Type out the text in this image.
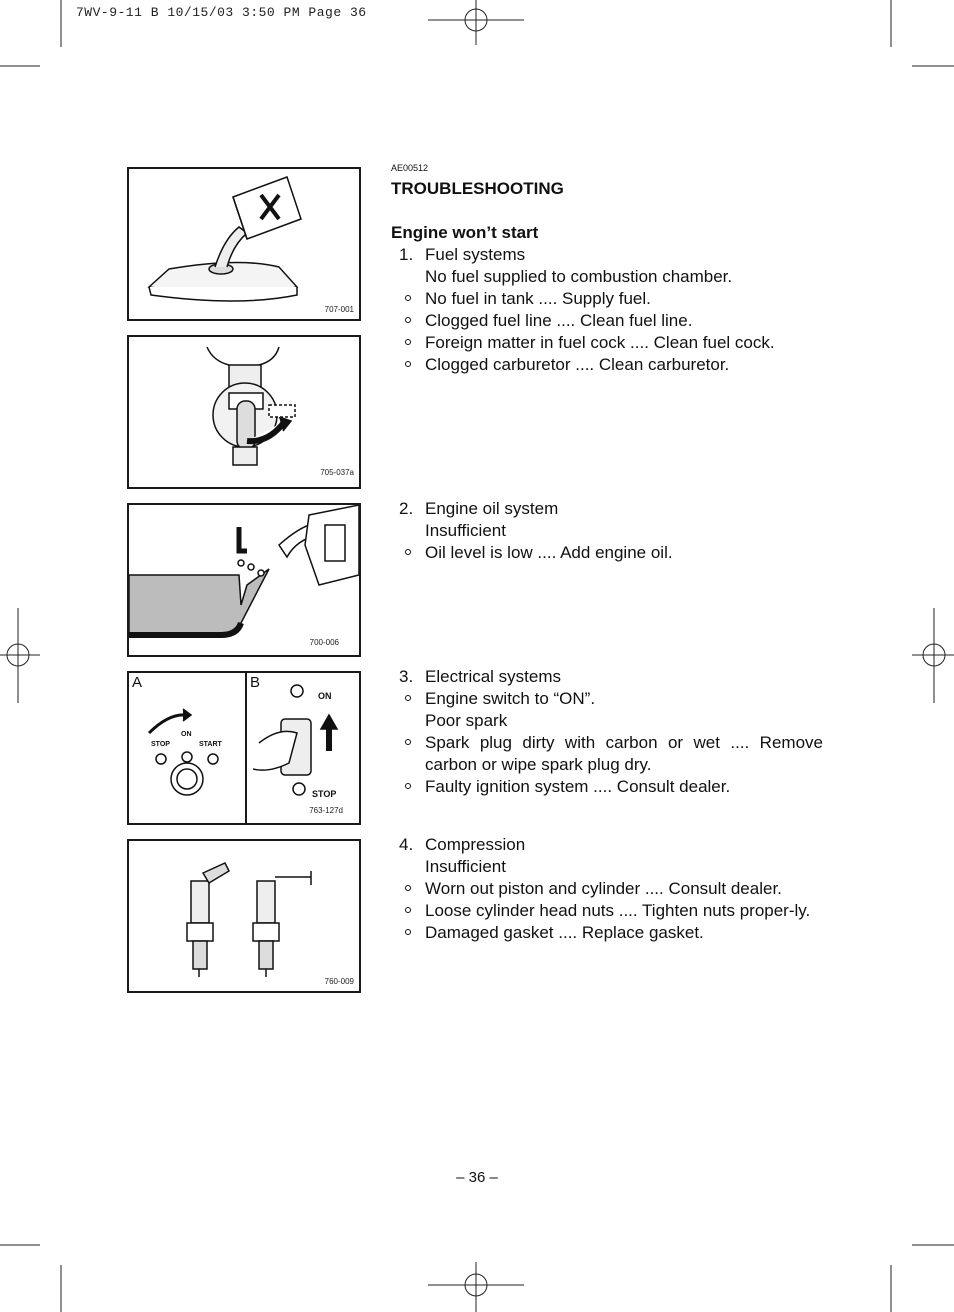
7WV-9-11 B 10/15/03 3:50 PM Page 36
707-001
705-037a
700-006
A	B
ON
STOP
ON
STOP	START
763-127d
760-009
AE00512
TROUBLESHOOTING
Engine won’t start
1. Fuel systems
No fuel supplied to combustion chamber.
No fuel in tank .... Supply fuel.
Clogged fuel line .... Clean fuel line.
Foreign matter in fuel cock .... Clean fuel cock.
Clogged carburetor .... Clean carburetor.
2. Engine oil system
Insufficient
Oil level is low .... Add engine oil.
3. Electrical systems
Engine switch to “ON”.
Poor spark
Spark plug dirty with carbon or wet .... Remove carbon or wipe spark plug dry.
Faulty ignition system .... Consult dealer.
4. Compression
Insufficient
Worn out piston and cylinder .... Consult dealer.
Loose cylinder head nuts .... Tighten nuts proper-ly.
Damaged gasket .... Replace gasket.
– 36 –
